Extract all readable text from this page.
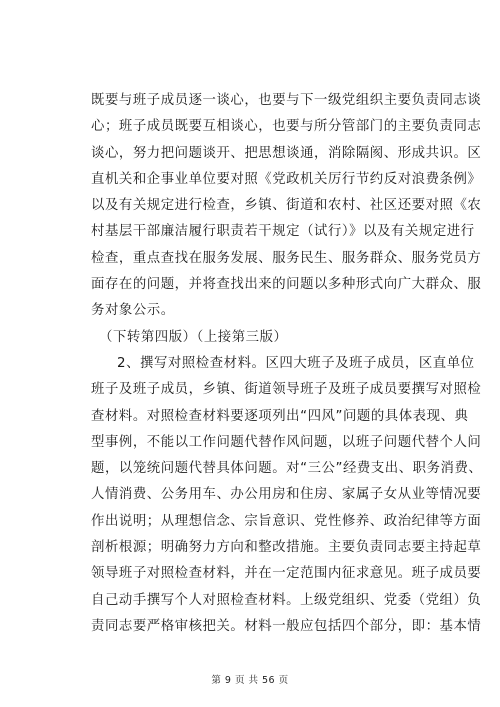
既要与班子成员逐一谈心，也要与下一级党组织主要负责同志谈
心；班子成员既要互相谈心，也要与所分管部门的主要负责同志
谈心，努力把问题谈开、把思想谈通，消除隔阂、形成共识。区
直机关和企事业单位要对照《党政机关厉行节约反对浪费条例》
以及有关规定进行检查，乡镇、街道和农村、社区还要对照《农
村基层干部廉洁履行职责若干规定（试行）》以及有关规定进行
检查，重点查找在服务发展、服务民生、服务群众、服务党员方
面存在的问题，并将查找出来的问题以多种形式向广大群众、服
务对象公示。
（下转第四版）（上接第三版）
2、撰写对照检查材料。区四大班子及班子成员，区直单位
班子及班子成员，乡镇、街道领导班子及班子成员要撰写对照检
查材料。对照检查材料要逐项列出“四风”问题的具体表现、典
型事例，不能以工作问题代替作风问题，以班子问题代替个人问
题，以笼统问题代替具体问题。对“三公”经费支出、职务消费、
人情消费、公务用车、办公用房和住房、家属子女从业等情况要
作出说明；从理想信念、宗旨意识、党性修养、政治纪律等方面
剖析根源；明确努力方向和整改措施。主要负责同志要主持起草
领导班子对照检查材料，并在一定范围内征求意见。班子成员要
自己动手撰写个人对照检查材料。上级党组织、党委（党组）负
责同志要严格审核把关。材料一般应包括四个部分，即：基本情
第 9 页 共 56 页
